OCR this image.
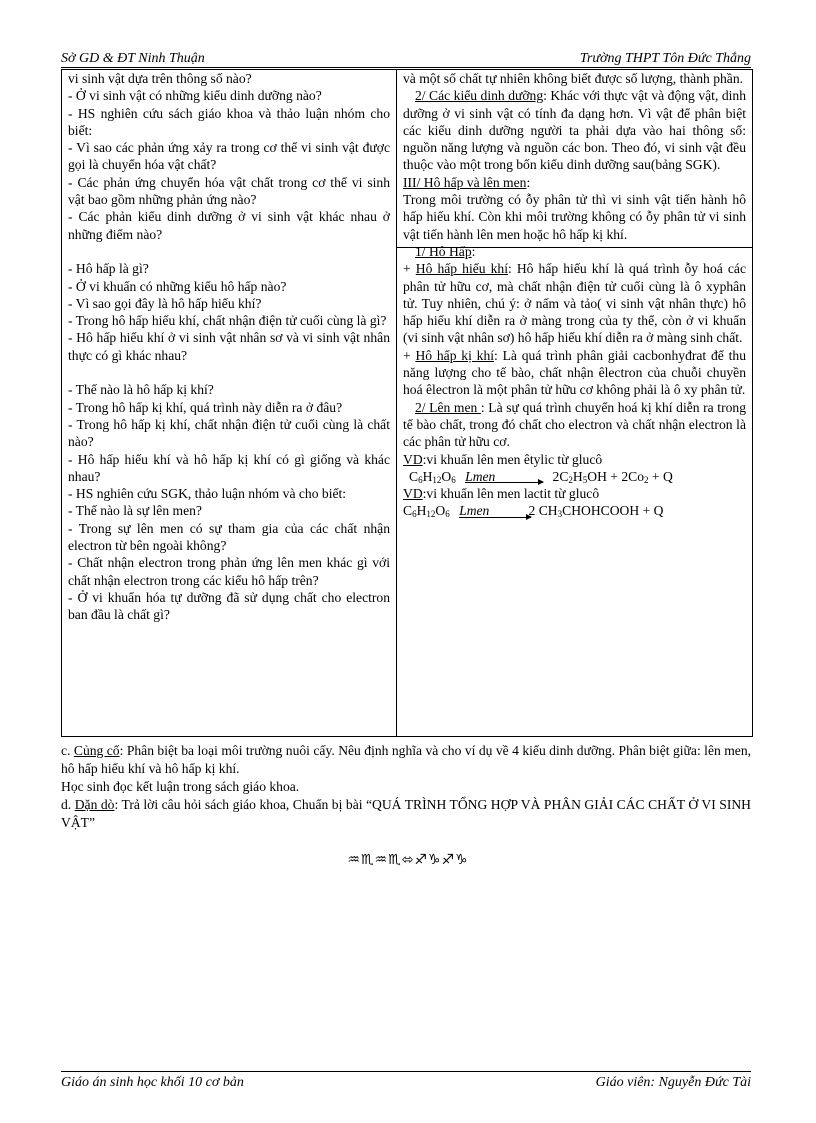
Sở GD & ĐT Ninh Thuận	Trường THPT Tôn Đức Thắng

vi sinh vật dựa trên thông số nào?

- Ở vi sinh vật có những kiểu dinh dưỡng nào?

- HS nghiên cứu sách giáo khoa và thảo luận nhóm cho biết:

- Vì sao các phản ứng xảy ra trong cơ thể vi sinh vật được gọi là chuyển hóa vật chất?

- Các phản ứng chuyển hóa vật chất trong cơ thể vi sinh vật bao gồm những phản ứng nào?

- Các phản kiểu dinh dưỡng ở vi sinh vật khác nhau ở những điểm nào?

- Hô hấp là gì?

- Ở vi khuẩn có những kiểu hô hấp nào?

- Vì sao gọi đây là hô hấp hiếu khí?

- Trong hô hấp hiếu khí, chất nhận điện tử cuối cùng là gì?

- Hô hấp hiếu khí ở vi sinh vật nhân sơ và vi sinh vật nhân thực có gì khác nhau?

- Thế nào là hô hấp kị khí?

- Trong hô hấp kị khí, quá trình này diễn ra ở đâu?

- Trong hô hấp kị khí, chất nhận điện tử cuối cùng là chất nào?

- Hô hấp hiếu khí và hô hấp kị khí có gì giống và khác nhau?

- HS nghiên cứu SGK, thảo luận nhóm và cho biết:

- Thế nào là sự lên men?

- Trong sự lên men có sự tham gia của các chất nhận electron từ bên ngoài không?

- Chất nhận electron trong phản ứng lên men khác gì với chất nhận electron trong các kiểu hô hấp trên?

- Ở vi khuẩn hóa tự dưỡng đã sử dụng chất cho electron ban đầu là chất gì?

và một số chất tự nhiên không biết được số lượng, thành phần.

2/ Các kiểu dinh dưỡng: Khác với thực vật và động vật, dinh dưỡng ở vi sinh vật có tính đa dạng hơn. Vì vật để phân biệt các kiểu dinh dưỡng người ta phải dựa vào hai thông số: nguồn năng lượng và nguồn các bon. Theo đó, vi sinh vật đều thuộc vào một trong bốn kiểu dinh dưỡng sau(bảng SGK).

III/ Hô hấp và lên men:

Trong môi trường có ỗy phân tử thì vi sinh vật tiến hành hô hấp hiếu khí. Còn khi môi trường không có ỗy phân tử vi sinh vật tiến hành lên men hoặc hô hấp kị khí.

1/ Hô Hấp:

+ Hô hấp hiếu khí: Hô hấp hiếu khí là quá trình ỗy hoá các phân tử hữu cơ, mà chất nhận điện tử cuối cùng là ô xyphân tử. Tuy nhiên, chú ý: ở nấm và tảo( vi sinh vật nhân thực) hô hấp hiếu khí diễn ra ở màng trong của ty thể, còn ở vi khuẩn (vi sinh vật nhân sơ) hô hấp hiếu khí diễn ra ở màng sinh chất.

+ Hô hấp kị khí: Là quá trình phân giải cacbonhyđrat để thu năng lượng cho tế bào, chất nhận êlectron của chuỗi chuyền hoá êlectron là một phân tử hữu cơ không phải là ô xy phân tử.

2/ Lên men : Là sự quá trình chuyển hoá kị khí diễn ra trong tế bào chất, trong đó chất cho electron và chất nhận electron là các phân tử hữu cơ.

VD:vi khuẩn lên men êtylic từ glucô

$C_6H_{12}O_6$ Lmen	$2C_2H_5OH + 2Co_2 + Q$

VD:vi khuẩn lên men lactit từ glucô

$C_6H_{12}O_6$ Lmen	2 $CH_3CHOHCOOH + Q$

c. Củng cố: Phân biệt ba loại môi trường nuôi cấy. Nêu định nghĩa và cho ví dụ về 4 kiểu dinh dưỡng. Phân biệt giữa: lên men, hô hấp hiếu khí và hô hấp kị khí.

Học sinh đọc kết luận trong sách giáo khoa.

d. Dặn dò: Trả lời câu hỏi sách giáo khoa, Chuẩn bị bài “QUÁ TRÌNH TỔNG HỢP VÀ PHÂN GIẢI CÁC CHẤT Ở VI SINH VẬT”

♒♏♒♏⬄♐♑♐♑
Giáo án sinh học khối 10 cơ bản	Giáo viên: Nguyễn Đức Tài
